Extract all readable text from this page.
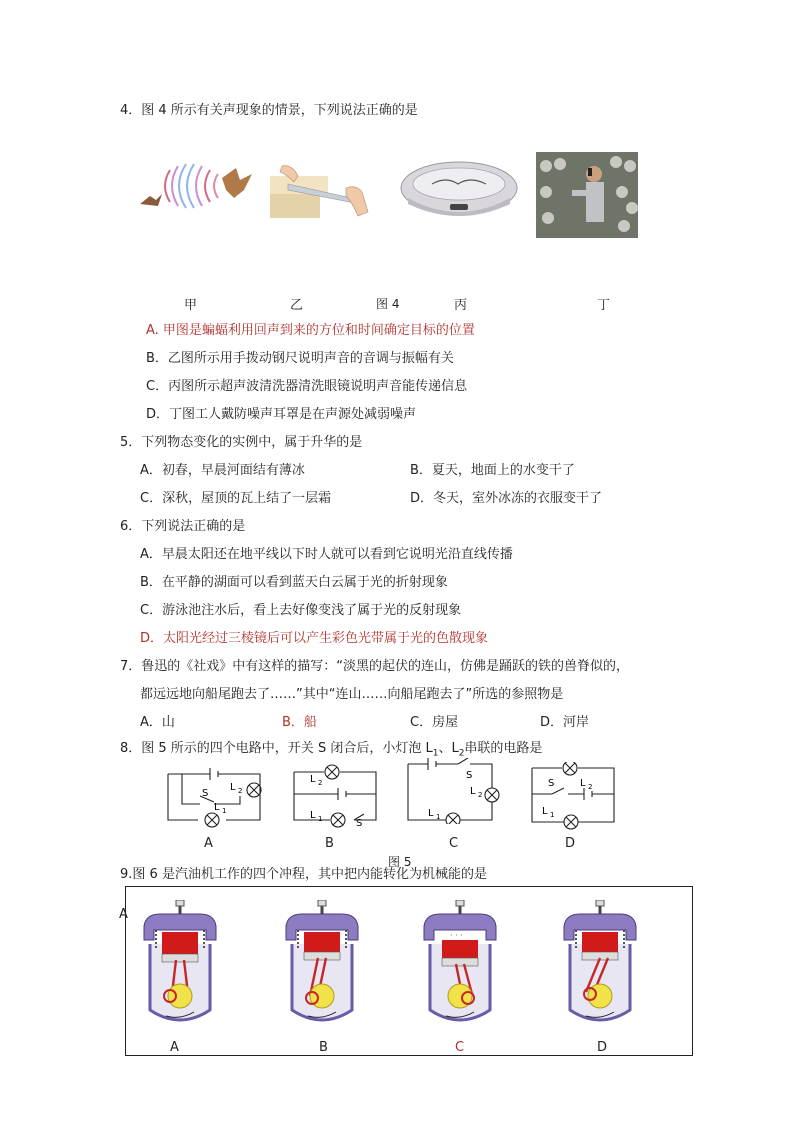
4．图 4 所示有关声现象的情景，下列说法正确的是
甲	乙	图 4	丙	丁
A. 甲图是蝙蝠利用回声到来的方位和时间确定目标的位置
B．乙图所示用手拨动钢尺说明声音的音调与振幅有关
C．丙图所示超声波清洗器清洗眼镜说明声音能传递信息
D．丁图工人戴防噪声耳罩是在声源处减弱噪声
5．下列物态变化的实例中，属于升华的是
A．初春，早晨河面结有薄冰	B．夏天，地面上的水变干了
C．深秋，屋顶的瓦上结了一层霜	D．冬天，室外冰冻的衣服变干了
6．下列说法正确的是
A．早晨太阳还在地平线以下时人就可以看到它说明光沿直线传播
B．在平静的湖面可以看到蓝天白云属于光的折射现象
C．游泳池注水后，看上去好像变浅了属于光的反射现象
D．太阳光经过三棱镜后可以产生彩色光带属于光的色散现象
7．鲁迅的《社戏》中有这样的描写：“淡黑的起伏的连山，仿佛是踊跃的铁的兽脊似的，
都远远地向船尾跑去了……”其中“连山……向船尾跑去了”所选的参照物是
A．山	B．船	C．房屋	D．河岸
8．图 5 所示的四个电路中，开关 S 闭合后，小灯泡 $L_1$、$L_2$串联的电路是
S
L 2
L 1
L 2
L 1	S
S
L 2
L 1
S	L 2
L 1
A	B	C	D
图 5
9.图 6 是汽油机工作的四个冲程，其中把内能转化为机械能的是
A
· · ·
A	B	C	D
